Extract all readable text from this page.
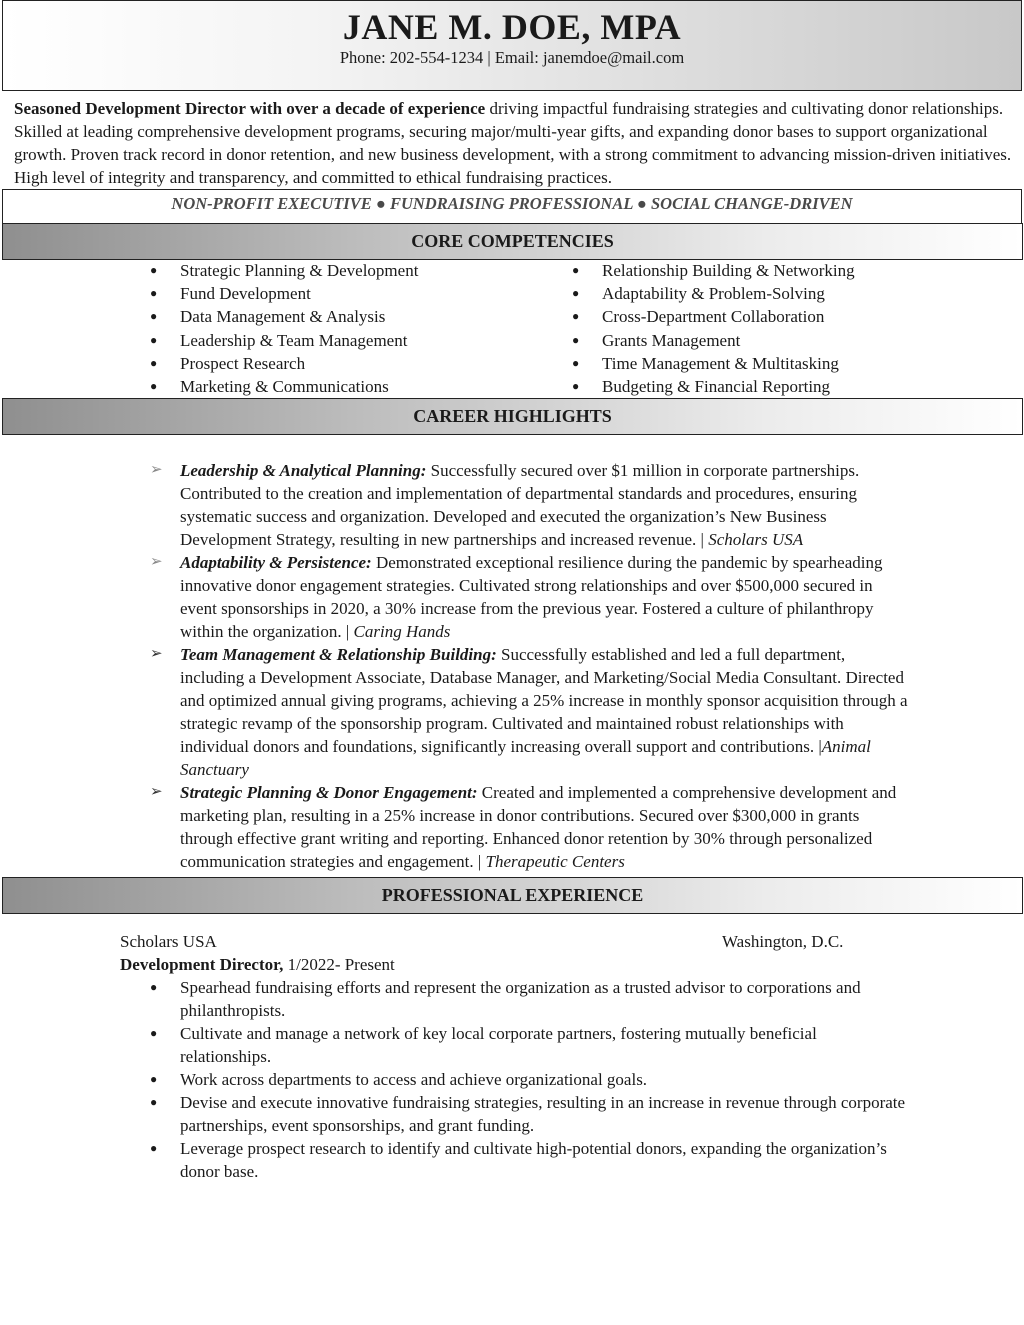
JANE M. DOE, MPA
Phone: 202-554-1234 | Email: janemdoe@mail.com
Seasoned Development Director with over a decade of experience driving impactful fundraising strategies and cultivating donor relationships. Skilled at leading comprehensive development programs, securing major/multi-year gifts, and expanding donor bases to support organizational growth. Proven track record in donor retention, and new business development, with a strong commitment to advancing mission-driven initiatives. High level of integrity and transparency, and committed to ethical fundraising practices.
NON-PROFIT EXECUTIVE ● FUNDRAISING PROFESSIONAL ● SOCIAL CHANGE-DRIVEN
CORE COMPETENCIES
● Strategic Planning & Development
● Fund Development
● Data Management & Analysis
● Leadership & Team Management
● Prospect Research
● Marketing & Communications
● Relationship Building & Networking
● Adaptability & Problem-Solving
● Cross-Department Collaboration
● Grants Management
● Time Management & Multitasking
● Budgeting & Financial Reporting
CAREER HIGHLIGHTS
➢ Leadership & Analytical Planning: Successfully secured over $1 million in corporate partnerships. Contributed to the creation and implementation of departmental standards and procedures, ensuring systematic success and organization. Developed and executed the organization’s New Business Development Strategy, resulting in new partnerships and increased revenue. | Scholars USA
➢ Adaptability & Persistence: Demonstrated exceptional resilience during the pandemic by spearheading innovative donor engagement strategies. Cultivated strong relationships and over $500,000 secured in event sponsorships in 2020, a 30% increase from the previous year. Fostered a culture of philanthropy within the organization. | Caring Hands
➢ Team Management & Relationship Building: Successfully established and led a full department, including a Development Associate, Database Manager, and Marketing/Social Media Consultant. Directed and optimized annual giving programs, achieving a 25% increase in monthly sponsor acquisition through a strategic revamp of the sponsorship program. Cultivated and maintained robust relationships with individual donors and foundations, significantly increasing overall support and contributions. |Animal Sanctuary
➢ Strategic Planning & Donor Engagement: Created and implemented a comprehensive development and marketing plan, resulting in a 25% increase in donor contributions. Secured over $300,000 in grants through effective grant writing and reporting. Enhanced donor retention by 30% through personalized communication strategies and engagement. | Therapeutic Centers
PROFESSIONAL EXPERIENCE
Scholars USA	Washington, D.C.
Development Director, 1/2022- Present
● Spearhead fundraising efforts and represent the organization as a trusted advisor to corporations and philanthropists.
● Cultivate and manage a network of key local corporate partners, fostering mutually beneficial relationships.
● Work across departments to access and achieve organizational goals.
● Devise and execute innovative fundraising strategies, resulting in an increase in revenue through corporate partnerships, event sponsorships, and grant funding.
● Leverage prospect research to identify and cultivate high-potential donors, expanding the organization’s donor base.
